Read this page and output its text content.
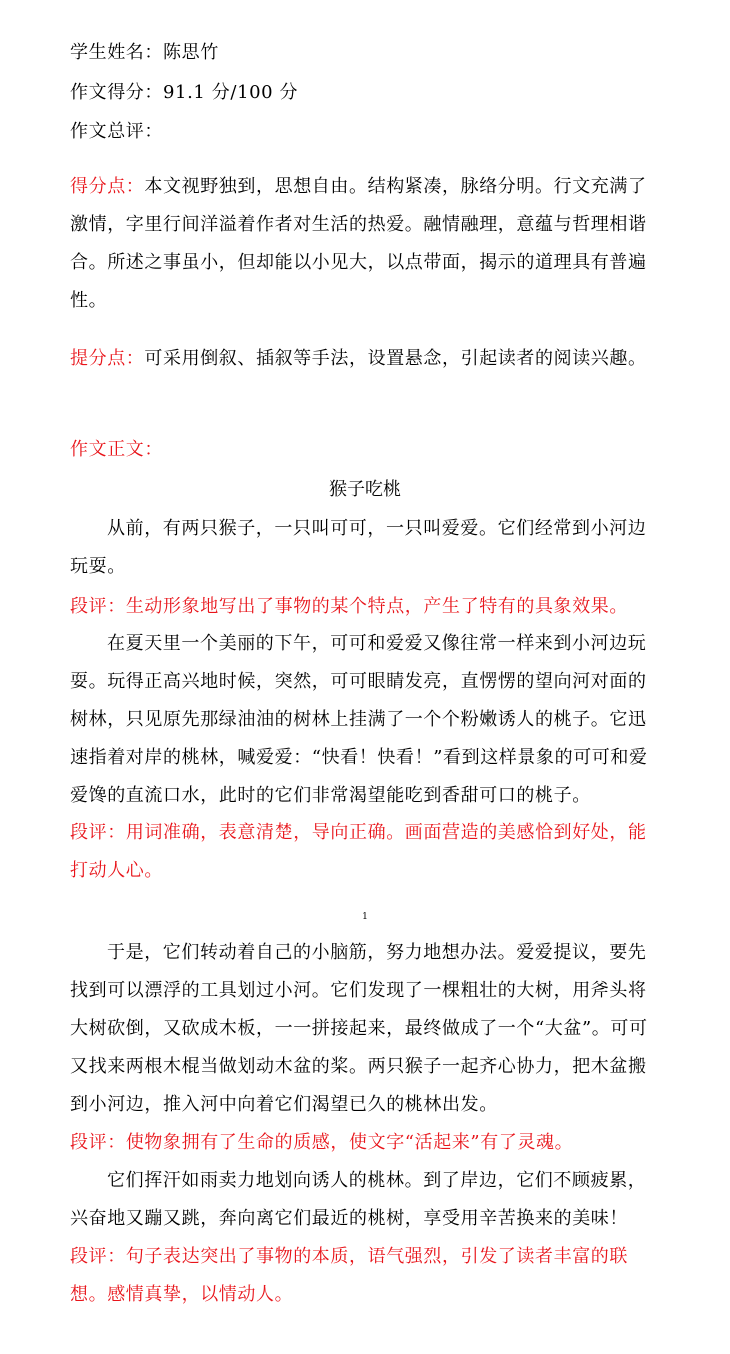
学生姓名：陈思竹
作文得分：91.1 分/100 分
作文总评：
得分点：本文视野独到，思想自由。结构紧凑，脉络分明。行文充满了激情，字里行间洋溢着作者对生活的热爱。融情融理，意蕴与哲理相谐合。所述之事虽小，但却能以小见大，以点带面，揭示的道理具有普遍性。
提分点：可采用倒叙、插叙等手法，设置悬念，引起读者的阅读兴趣。
作文正文：
猴子吃桃
从前，有两只猴子，一只叫可可，一只叫爱爱。它们经常到小河边玩耍。
段评：生动形象地写出了事物的某个特点，产生了特有的具象效果。
在夏天里一个美丽的下午，可可和爱爱又像往常一样来到小河边玩耍。玩得正高兴地时候，突然，可可眼睛发亮，直愣愣的望向河对面的树林，只见原先那绿油油的树林上挂满了一个个粉嫩诱人的桃子。它迅速指着对岸的桃林，喊爱爱：“快看！快看！”看到这样景象的可可和爱爱馋的直流口水，此时的它们非常渴望能吃到香甜可口的桃子。
段评：用词准确，表意清楚，导向正确。画面营造的美感恰到好处，能打动人心。
1
于是，它们转动着自己的小脑筋，努力地想办法。爱爱提议，要先找到可以漂浮的工具划过小河。它们发现了一棵粗壮的大树，用斧头将大树砍倒，又砍成木板，一一拼接起来，最终做成了一个“大盆”。可可又找来两根木棍当做划动木盆的桨。两只猴子一起齐心协力，把木盆搬到小河边，推入河中向着它们渴望已久的桃林出发。
段评：使物象拥有了生命的质感，使文字“活起来”有了灵魂。
它们挥汗如雨卖力地划向诱人的桃林。到了岸边，它们不顾疲累，兴奋地又蹦又跳，奔向离它们最近的桃树，享受用辛苦换来的美味！
段评：句子表达突出了事物的本质，语气强烈，引发了读者丰富的联想。感情真挚，以情动人。
